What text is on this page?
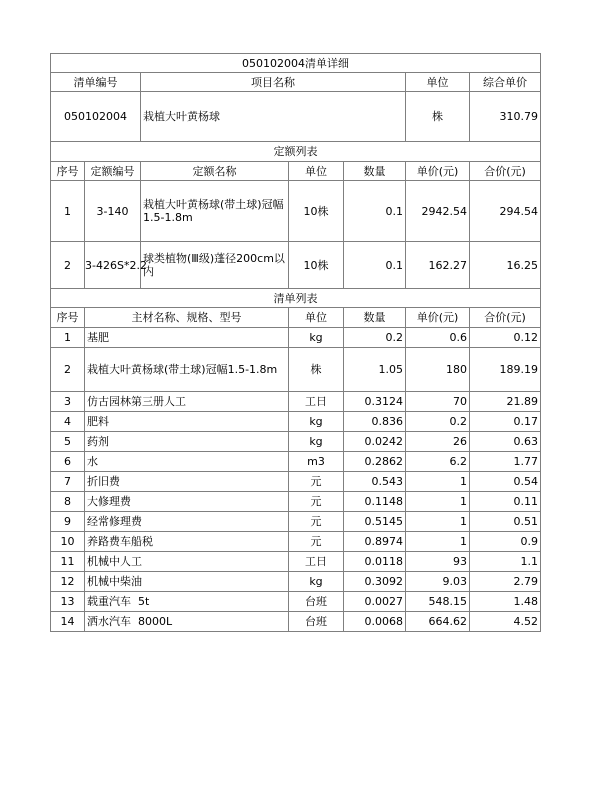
050102004清单详细						
清单编号		项目名称			单位	综合单价
050102004		栽植大叶黄杨球			株	310.79
定额列表						
序号	定额编号	定额名称	单位	数量	单价(元)	合价(元)
1	3-140	栽植大叶黄杨球(带土球)冠幅1.5-1.8m	10株	0.1	2942.54	294.54
2	3-426S*2.2	球类植物(Ⅲ级)蓬径200cm以内	10株	0.1	162.27	16.25
清单列表						
序号	主材名称、规格、型号		单位	数量	单价(元)	合价(元)
1	基肥		kg	0.2	0.6	0.12
2	栽植大叶黄杨球(带土球)冠幅1.5-1.8m		株	1.05	180	189.19
3	仿古园林第三册人工		工日	0.3124	70	21.89
4	肥料		kg	0.836	0.2	0.17
5	药剂		kg	0.0242	26	0.63
6	水		m3	0.2862	6.2	1.77
7	折旧费		元	0.543	1	0.54
8	大修理费		元	0.1148	1	0.11
9	经常修理费		元	0.5145	1	0.51
10	养路费车船税		元	0.8974	1	0.9
11	机械中人工		工日	0.0118	93	1.1
12	机械中柴油		kg	0.3092	9.03	2.79
13	载重汽车  5t		台班	0.0027	548.15	1.48
14	洒水汽车  8000L		台班	0.0068	664.62	4.52
